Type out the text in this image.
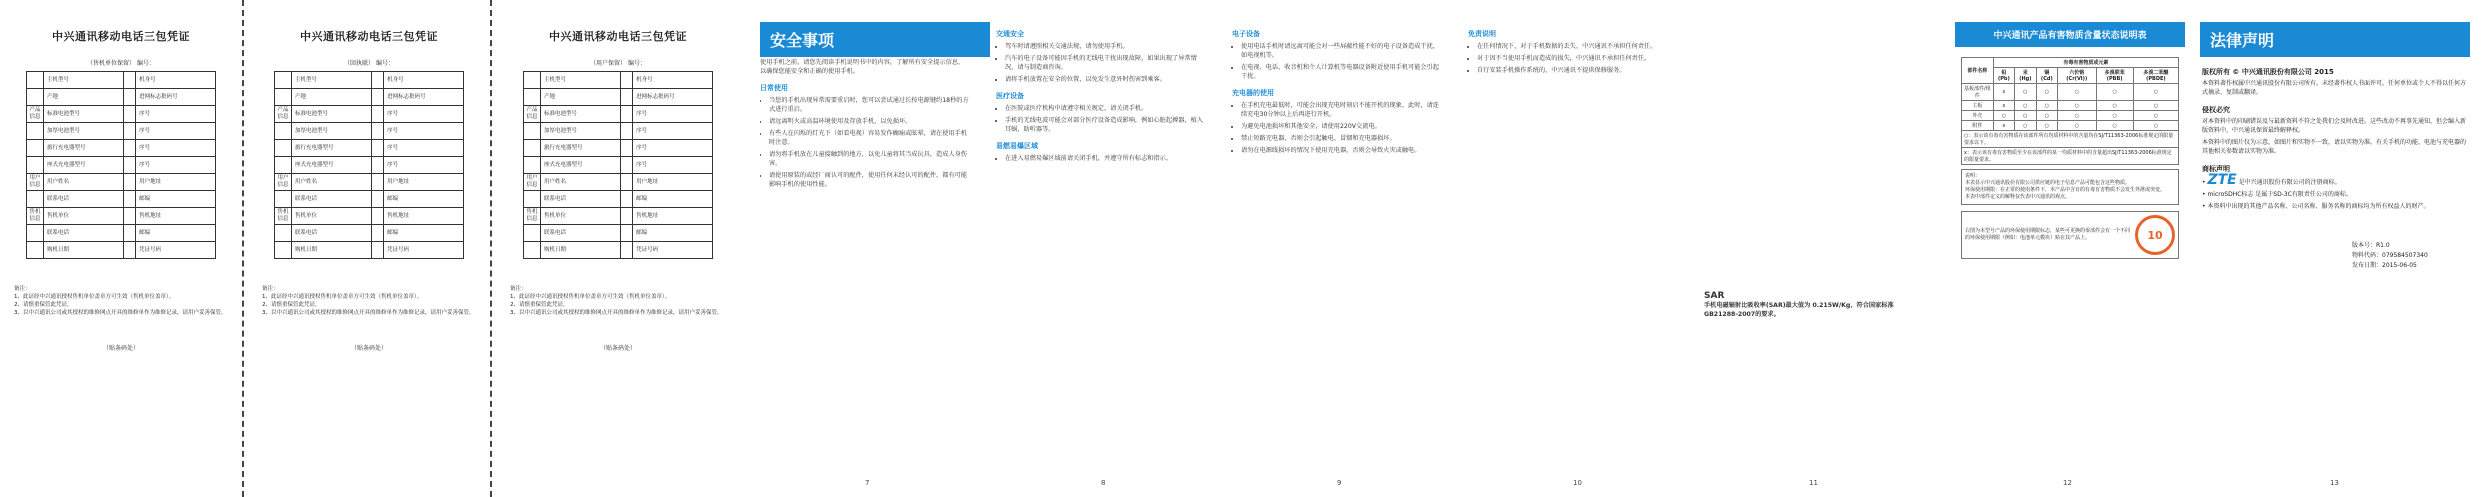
中兴通讯移动电话三包凭证
（售机单位保留） 编号：
	主机型号		机身号
	产地		进网标志批码号
产品信息	标准电池型号		序号
	加厚电池型号		序号
	旅行充电器型号		序号
	座式充电器型号		序号
用户信息	用户姓名		用户地址
	联系电话		邮编
售机信息	售机单位		售机地址
	联系电话		邮编
	购机日期		凭证号码
备注：
1、此证经中兴通讯授权售机单位盖章方可生效（售机单位盖章）。
2、请慎重保管此凭证。
3、以中兴通讯公司或其授权的维修网点开具的维修单作为维修记录，请用户妥善保管。
（贴条码处）
中兴通讯移动电话三包凭证
（回执联） 编号：
	主机型号		机身号
	产地		进网标志批码号
产品信息	标准电池型号		序号
	加厚电池型号		序号
	旅行充电器型号		序号
	座式充电器型号		序号
用户信息	用户姓名		用户地址
	联系电话		邮编
售机信息	售机单位		售机地址
	联系电话		邮编
	购机日期		凭证号码
备注：
1、此证经中兴通讯授权售机单位盖章方可生效（售机单位盖章）。
2、请慎重保管此凭证。
3、以中兴通讯公司或其授权的维修网点开具的维修单作为维修记录，请用户妥善保管。
（贴条码处）
中兴通讯移动电话三包凭证
（用户保留） 编号：
	主机型号		机身号
	产地		进网标志批码号
产品信息	标准电池型号		序号
	加厚电池型号		序号
	旅行充电器型号		序号
	座式充电器型号		序号
用户信息	用户姓名		用户地址
	联系电话		邮编
售机信息	售机单位		售机地址
	联系电话		邮编
	购机日期		凭证号码
备注：
1、此证经中兴通讯授权售机单位盖章方可生效（售机单位盖章）。
2、请慎重保管此凭证。
3、以中兴通讯公司或其授权的维修网点开具的维修单作为维修记录，请用户妥善保管。
（贴条码处）
安全事项

使用手机之前，请您先阅读手机说明书中的内容，了解所有安全提示信息，以确保您能安全和正确的使用手机。

日常使用
• 当您的手机出现异常需要重启时，您可以尝试通过长按电源键约18秒的方式进行重启。
• 请远离明火或高温环境使用及存放手机，以免损坏。
• 有些人在闪烁的灯光下（如看电视）容易发作癫痫或眩晕，请在使用手机时注意。
• 请勿将手机放在儿童接触到的地方，以免儿童将其当成玩具，造成人身伤害。
• 请使用原装的或经厂商认可的配件，使用任何未经认可的配件，都有可能影响手机的使用性能。
交通安全
• 驾车时请遵照相关交通法规，请勿使用手机。
• 汽车的电子设备可能因手机的无线电干扰出现故障，如果出现了异常情况，请与制造商咨询。
• 请将手机放置在安全的位置，以免发生意外时伤害到乘客。
医疗设备
• 在医院或医疗机构中请遵守相关规定，请关闭手机。
• 手机的无线电波可能会对部分医疗设备造成影响，例如心脏起搏器，植入耳蜗，助听器等。
易燃易爆区域
• 在进入易燃易爆区域前请关闭手机，并遵守所有标志和指示。
电子设备
• 使用电话手机时请远离可能会对一些屏蔽性能不好的电子设备造成干扰，如电视机等。
• 在电视、电话、收音机和个人计算机等电器设备附近使用手机可能会引起干扰。
充电器的使用
• 在手机充电最低时，可能会出现充电时刻启不能开机的现象，此时，请连续充电30分钟以上后再进行开机。
• 为避免电池损坏和其他安全，请使用220V交流电。
• 禁止短路充电器，否则会引起触电、冒烟和充电器损坏。
• 请勿在电源线损坏的情况下使用充电器，否则会导致火灾或触电。
免责说明
• 在任何情况下，对于手机数据的丢失，中兴通讯不承担任何责任。
• 对于因不当使用手机而造成的损失，中兴通讯不承担任何责任。
• 自行安装手机操作系统的，中兴通讯不提供保修服务。
SAR

手机电磁辐射比吸收率(SAR)最大值为 0.215W/Kg，符合国家标准GB21288-2007的要求。

7	8	9	10	11
中兴通讯产品有害物质含量状态说明表
部件名称	有毒有害物质或元素					
	铅(Pb)	汞(Hg)	镉(Cd)	六价铬(Cr(VI))	多溴联苯(PBB)	多溴二苯醚(PBDE)
基板部件/组件	x	○	○	○	○	○
主板	x	○	○	○	○	○
外壳	○	○	○	○	○	○
附件	x	○	○	○	○	○
○：表示该有毒有害物质在该部件所有均质材料中的含量均在SJ/T11363-2006标准规定的限量要求以下。						
x：表示该有毒有害物质至少在该部件的某一均质材料中的含量超出SJ/T11363-2006标准规定的限量要求。						
说明：
本表显示中兴通讯股份有限公司供应链的电子信息产品可能包含这些物质。
环保使用期限：在正常的使用条件下，本产品中含有的有毒有害物质不会发生外泄或突变。
本表中部件定义的解释仅代表中兴通讯的观点。
右图为本型号产品的环保使用期限标志，某些可更换的零部件会有一个不同的环保使用期限（例如：电池单元模块）贴在其产品上。	10
12
法律声明
版权所有 © 中兴通讯股份有限公司 2015

本资料著作权属中兴通讯股份有限公司所有。未经著作权人书面许可，任何单位或个人不得以任何方式摘录、复制或翻译。

侵权必究

对本资料中的印刷错误及与最新资料不符之处我们会及时改进。这些改动不再事先通知，但会编入新版资料中，中兴通讯保留最终解释权。

本资料中的图片仅为示意，如图片和实物不一致，请以实物为准。有关手机的功能、电池与充电器的其他相关参数请以实物为准。

商标声明

• ZTE 是中兴通讯股份有限公司的注册商标。

• microSDHC标志 是属于SD-3C有限责任公司的商标。

• 本资料中出现的其他产品名称、公司名称、服务名称的商标均为所有权益人的财产。

版本号：R1.0
物料代码：079584507340
发布日期：2015-06-05
13
